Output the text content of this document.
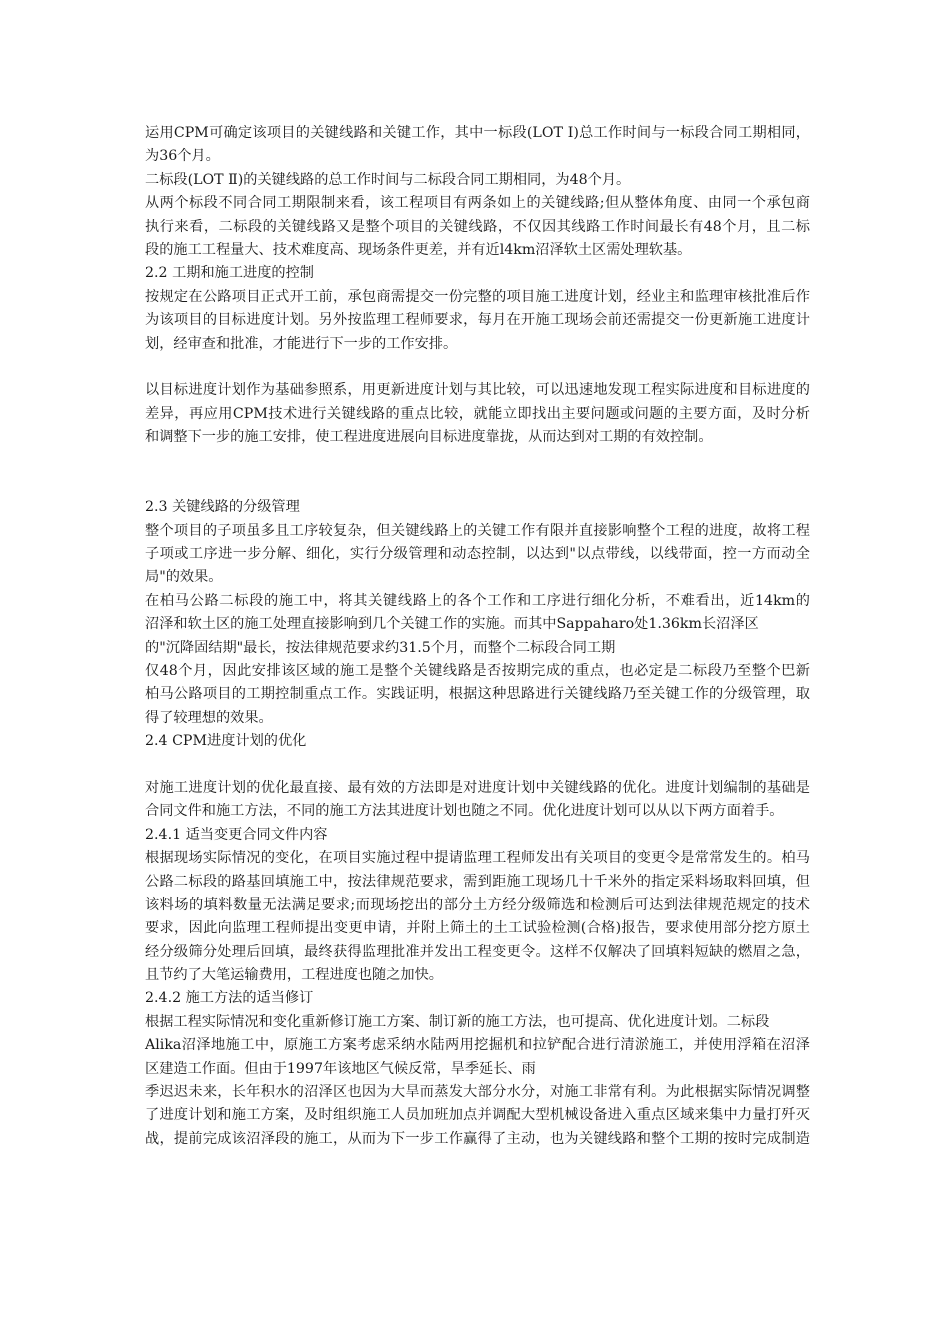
运用CPM可确定该项目的关键线路和关键工作，其中一标段(LOT I)总工作时间与一标段合同工期相同，
为36个月。
二标段(LOT Ⅱ)的关键线路的总工作时间与二标段合同工期相同，为48个月。
从两个标段不同合同工期限制来看，该工程项目有两条如上的关键线路;但从整体角度、由同一个承包商
执行来看，二标段的关键线路又是整个项目的关键线路，不仅因其线路工作时间最长有48个月，且二标
段的施工工程量大、技术难度高、现场条件更差，并有近l4km沼泽软土区需处理软基。
2.2 工期和施工进度的控制
按规定在公路项目正式开工前，承包商需提交一份完整的项目施工进度计划，经业主和监理审核批准后作
为该项目的目标进度计划。另外按监理工程师要求，每月在开施工现场会前还需提交一份更新施工进度计
划，经审查和批准，才能进行下一步的工作安排。
以目标进度计划作为基础参照系，用更新进度计划与其比较，可以迅速地发现工程实际进度和目标进度的
差异，再应用CPM技术进行关键线路的重点比较，就能立即找出主要问题或问题的主要方面，及时分析
和调整下一步的施工安排，使工程进度进展向目标进度靠拢，从而达到对工期的有效控制。
2.3 关键线路的分级管理
整个项目的子项虽多且工序较复杂，但关键线路上的关键工作有限并直接影响整个工程的进度，故将工程
子项或工序进一步分解、细化，实行分级管理和动态控制，以达到"以点带线，以线带面，控一方而动全
局"的效果。
在柏马公路二标段的施工中，将其关键线路上的各个工作和工序进行细化分析，不难看出，近14km的
沼泽和软土区的施工处理直接影响到几个关键工作的实施。而其中Sappaharo处1.36km长沼泽区
的"沉降固结期"最长，按法律规范要求约31.5个月，而整个二标段合同工期
仅48个月，因此安排该区域的施工是整个关键线路是否按期完成的重点，也必定是二标段乃至整个巴新
柏马公路项目的工期控制重点工作。实践证明，根据这种思路进行关键线路乃至关键工作的分级管理，取
得了较理想的效果。
2.4 CPM进度计划的优化
对施工进度计划的优化最直接、最有效的方法即是对进度计划中关键线路的优化。进度计划编制的基础是
合同文件和施工方法，不同的施工方法其进度计划也随之不同。优化进度计划可以从以下两方面着手。
2.4.1 适当变更合同文件内容
根据现场实际情况的变化，在项目实施过程中提请监理工程师发出有关项目的变更令是常常发生的。柏马
公路二标段的路基回填施工中，按法律规范要求，需到距施工现场几十千米外的指定采料场取料回填，但
该料场的填料数量无法满足要求;而现场挖出的部分土方经分级筛选和检测后可达到法律规范规定的技术
要求，因此向监理工程师提出变更申请，并附上筛土的土工试验检测(合格)报告，要求使用部分挖方原土
经分级筛分处理后回填，最终获得监理批准并发出工程变更令。这样不仅解决了回填料短缺的燃眉之急，
且节约了大笔运输费用，工程进度也随之加快。
2.4.2 施工方法的适当修订
根据工程实际情况和变化重新修订施工方案、制订新的施工方法，也可提高、优化进度计划。二标段
Alika沼泽地施工中，原施工方案考虑采纳水陆两用挖掘机和拉铲配合进行清淤施工，并使用浮箱在沼泽
区建造工作面。但由于1997年该地区气候反常，旱季延长、雨
季迟迟未来，长年积水的沼泽区也因为大旱而蒸发大部分水分，对施工非常有利。为此根据实际情况调整
了进度计划和施工方案，及时组织施工人员加班加点并调配大型机械设备进入重点区域来集中力量打歼灭
战，提前完成该沼泽段的施工，从而为下一步工作赢得了主动，也为关键线路和整个工期的按时完成制造
